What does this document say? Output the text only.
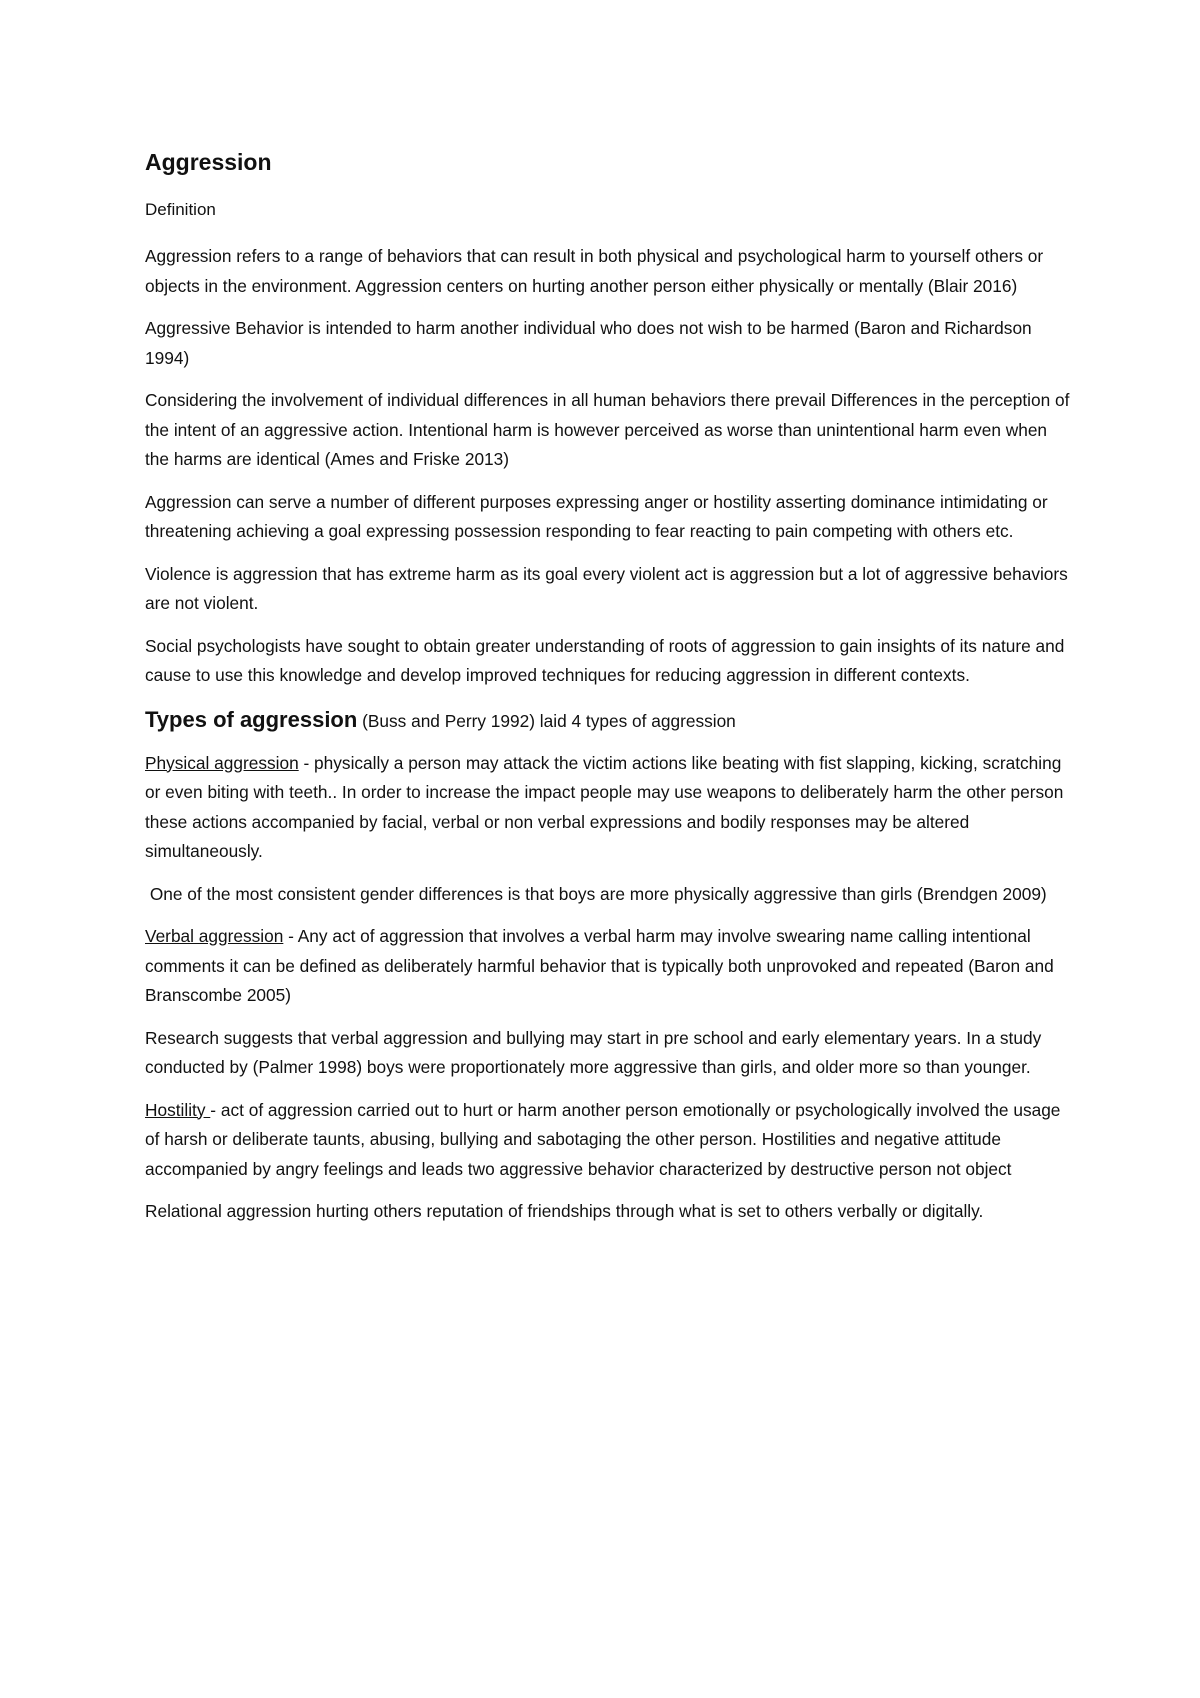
Aggression
Definition

Aggression refers to a range of behaviors that can result in both physical and psychological harm to yourself others or objects in the environment. Aggression centers on hurting another person either physically or mentally (Blair 2016)

Aggressive Behavior is intended to harm another individual who does not wish to be harmed (Baron and Richardson 1994)

Considering the involvement of individual differences in all human behaviors there prevail Differences in the perception of the intent of an aggressive action. Intentional harm is however perceived as worse than unintentional harm even when the harms are identical (Ames and Friske 2013)

Aggression can serve a number of different purposes expressing anger or hostility asserting dominance intimidating or threatening achieving a goal expressing possession responding to fear reacting to pain competing with others etc.

Violence is aggression that has extreme harm as its goal every violent act is aggression but a lot of aggressive behaviors are not violent.

Social psychologists have sought to obtain greater understanding of roots of aggression to gain insights of its nature and cause to use this knowledge and develop improved techniques for reducing aggression in different contexts.

Types of aggression (Buss and Perry 1992) laid 4 types of aggression

Physical aggression - physically a person may attack the victim actions like beating with fist slapping, kicking, scratching or even biting with teeth.. In order to increase the impact people may use weapons to deliberately harm the other person these actions accompanied by facial, verbal or non verbal expressions and bodily responses may be altered simultaneously.

One of the most consistent gender differences is that boys are more physically aggressive than girls (Brendgen 2009)

Verbal aggression - Any act of aggression that involves a verbal harm may involve swearing name calling intentional comments it can be defined as deliberately harmful behavior that is typically both unprovoked and repeated (Baron and Branscombe 2005)

Research suggests that verbal aggression and bullying may start in pre school and early elementary years. In a study conducted by (Palmer 1998) boys were proportionately more aggressive than girls, and older more so than younger.

Hostility - act of aggression carried out to hurt or harm another person emotionally or psychologically involved the usage of harsh or deliberate taunts, abusing, bullying and sabotaging the other person. Hostilities and negative attitude accompanied by angry feelings and leads two aggressive behavior characterized by destructive person not object

Relational aggression hurting others reputation of friendships through what is set to others verbally or digitally.
